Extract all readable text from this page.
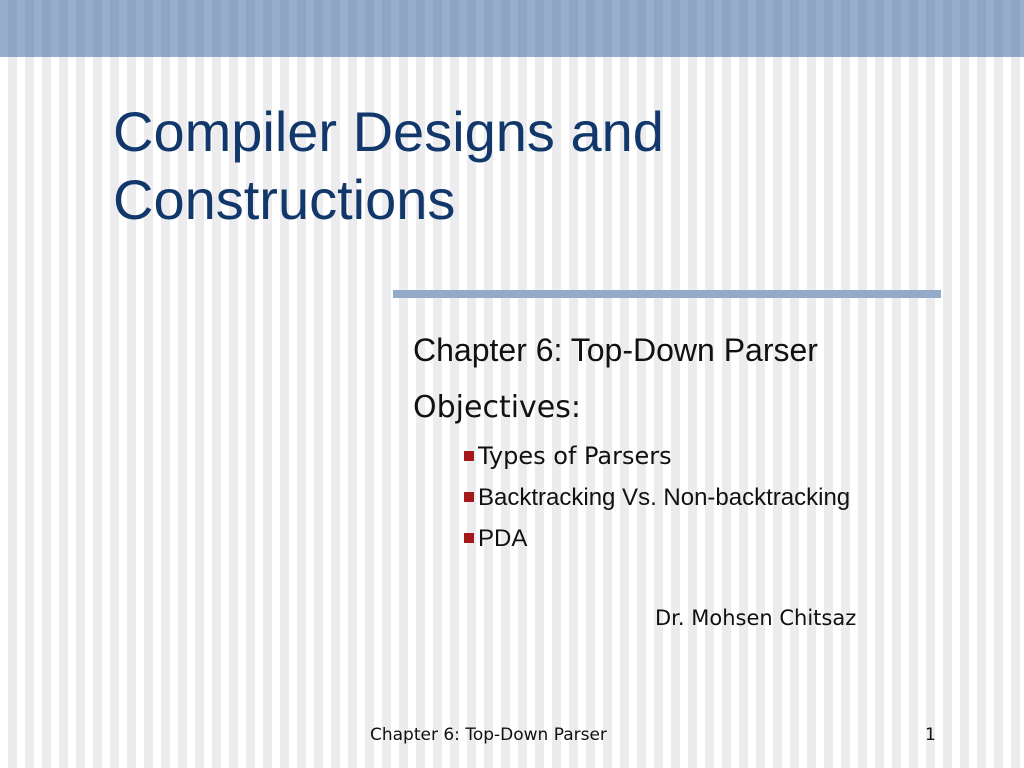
Compiler Designs and
Constructions
Chapter 6: Top-Down Parser
Objectives:
Types of Parsers
Backtracking Vs. Non-backtracking
PDA
Dr. Mohsen Chitsaz
Chapter 6: Top-Down Parser	1
